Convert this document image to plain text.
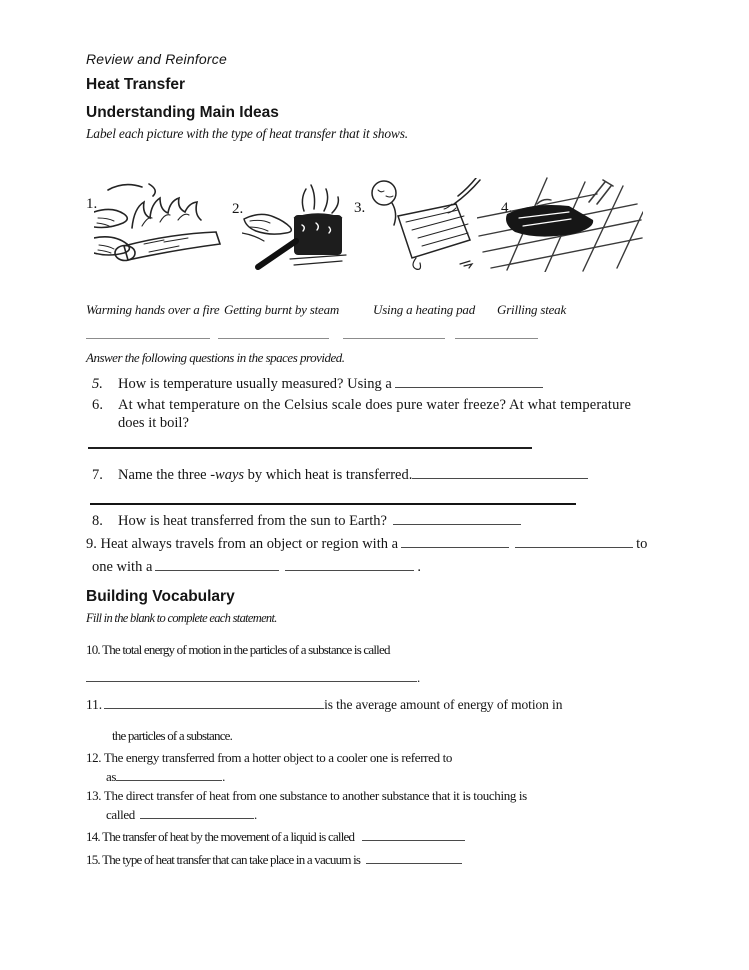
Review and Reinforce
Heat Transfer
Understanding Main Ideas
Label each picture with the type of heat transfer that it shows.
1.	2.	3.	4.
Warming hands over a fire Getting burnt by steam	Using a heating pad Grilling steak
Answer the following questions in the spaces provided.
5. How is temperature usually measured? Using a
6. At what temperature on the Celsius scale does pure water freeze? At what temperature
does it boil?
7. Name the three -ways by which heat is transferred.
8. How is heat transferred from the sun to Earth?
9. Heat always travels from an object or region with a	to
one with a	.
Building Vocabulary
Fill in the blank to complete each statement.
10. The total energy of motion in the particles of a substance is called
.
11.	is the average amount of energy of motion in
the particles of a substance.
12. The energy transferred from a hotter object to a cooler one is referred to
as	.
13. The direct transfer of heat from one substance to another substance that it is touching is
called	.
14. The transfer of heat by the movement of a liquid is called
15. The type of heat transfer that can take place in a vacuum is
